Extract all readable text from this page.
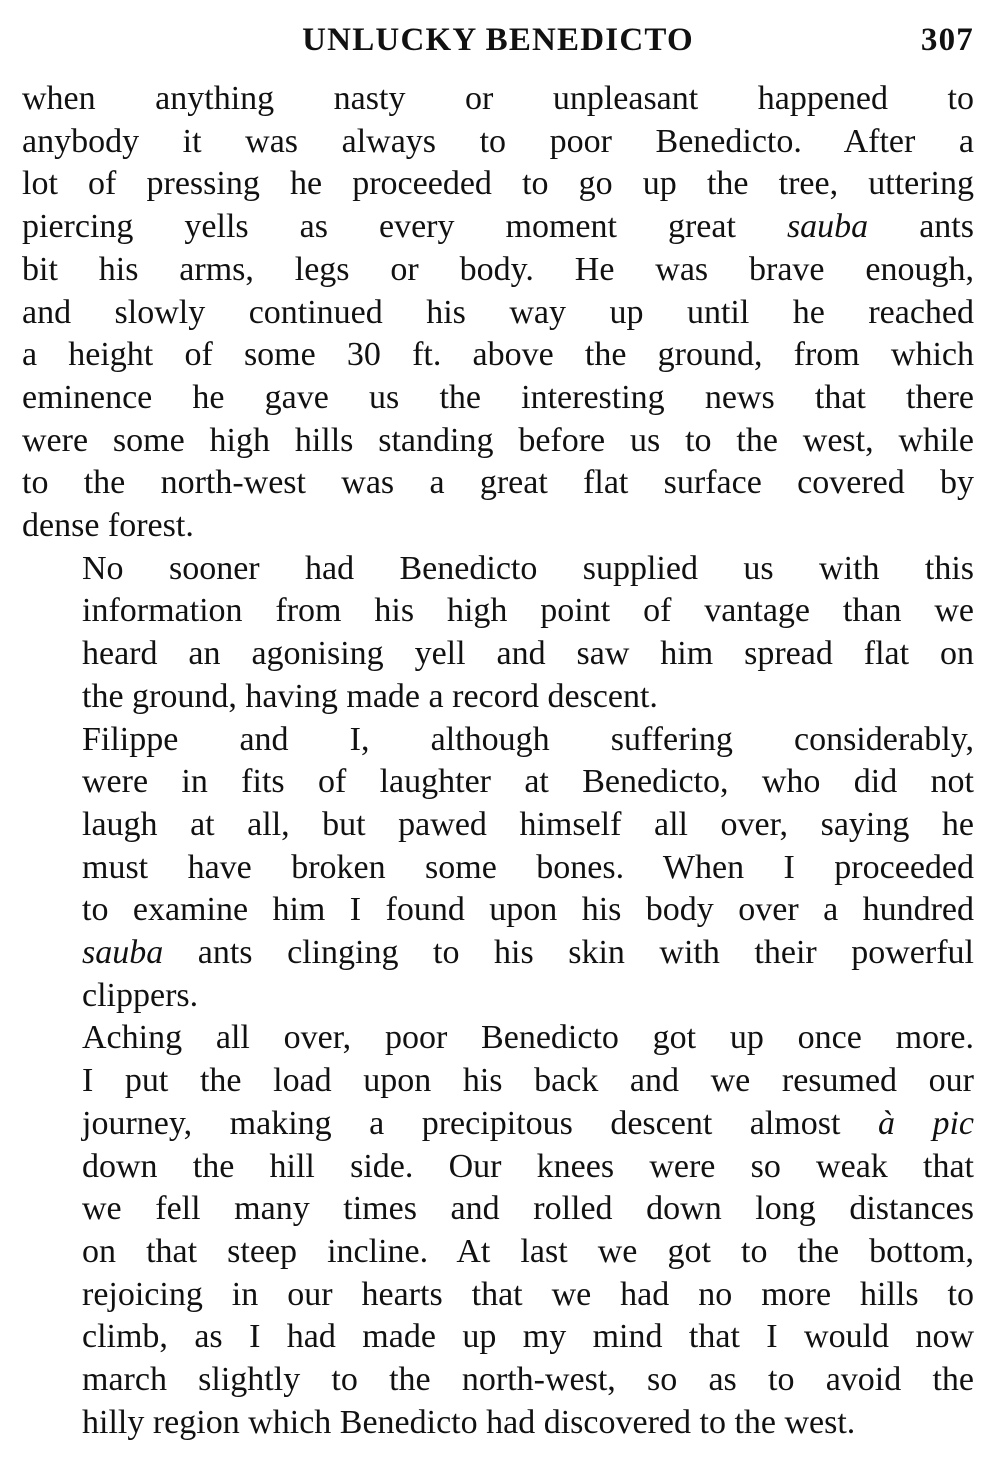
UNLUCKY BENEDICTO	307
when anything nasty or unpleasant happened to
anybody it was always to poor Benedicto. After a
lot of pressing he proceeded to go up the tree, uttering
piercing yells as every moment great sauba ants
bit his arms, legs or body. He was brave enough,
and slowly continued his way up until he reached
a height of some 30 ft. above the ground, from which
eminence he gave us the interesting news that there
were some high hills standing before us to the west, while
to the north-west was a great flat surface covered by
dense forest.
No sooner had Benedicto supplied us with this
information from his high point of vantage than we
heard an agonising yell and saw him spread flat on
the ground, having made a record descent.
Filippe and I, although suffering considerably,
were in fits of laughter at Benedicto, who did not
laugh at all, but pawed himself all over, saying he
must have broken some bones. When I proceeded
to examine him I found upon his body over a hundred
sauba ants clinging to his skin with their powerful
clippers.
Aching all over, poor Benedicto got up once more.
I put the load upon his back and we resumed our
journey, making a precipitous descent almost à pic
down the hill side. Our knees were so weak that
we fell many times and rolled down long distances
on that steep incline. At last we got to the bottom,
rejoicing in our hearts that we had no more hills to
climb, as I had made up my mind that I would now
march slightly to the north-west, so as to avoid the
hilly region which Benedicto had discovered to the west.
